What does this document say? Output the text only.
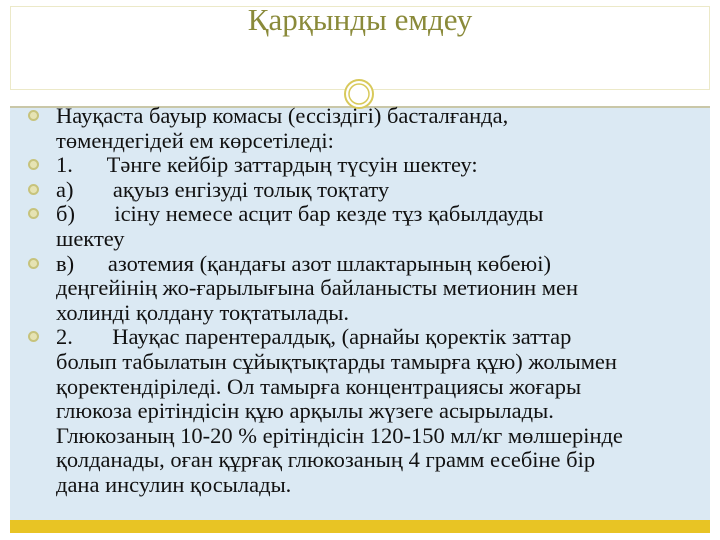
Қарқынды емдеу
Науқаста бауыр комасы (ессіздігі) басталғанда,
төмендегідей ем көрсетіледі:
1.      Тәнге кейбір заттардың түсуін шектеу:
а)       ақуыз енгізуді толық тоқтату
б)       ісіну немесе асцит бар кезде тұз қабылдауды
шектеу
в)      азотемия (қандағы азот шлактарының көбеюі)
деңгейінің жо-ғарылығына байланысты метионин мен
холинді қолдану тоқтатылады.
2.       Науқас парентералдық, (арнайы қоректік заттар
болып табылатын сұйықтықтарды тамырға құю) жолымен
қоректендіріледі. Ол тамырға концентрациясы жоғары
глюкоза ерітіндісін құю арқылы жүзеге асырылады.
Глюкозаның 10-20 % ерітіндісін 120-150 мл/кг мөлшерінде
қолданады, оған құрғақ глюкозаның 4 грамм есебіне бір
дана инсулин қосылады.
